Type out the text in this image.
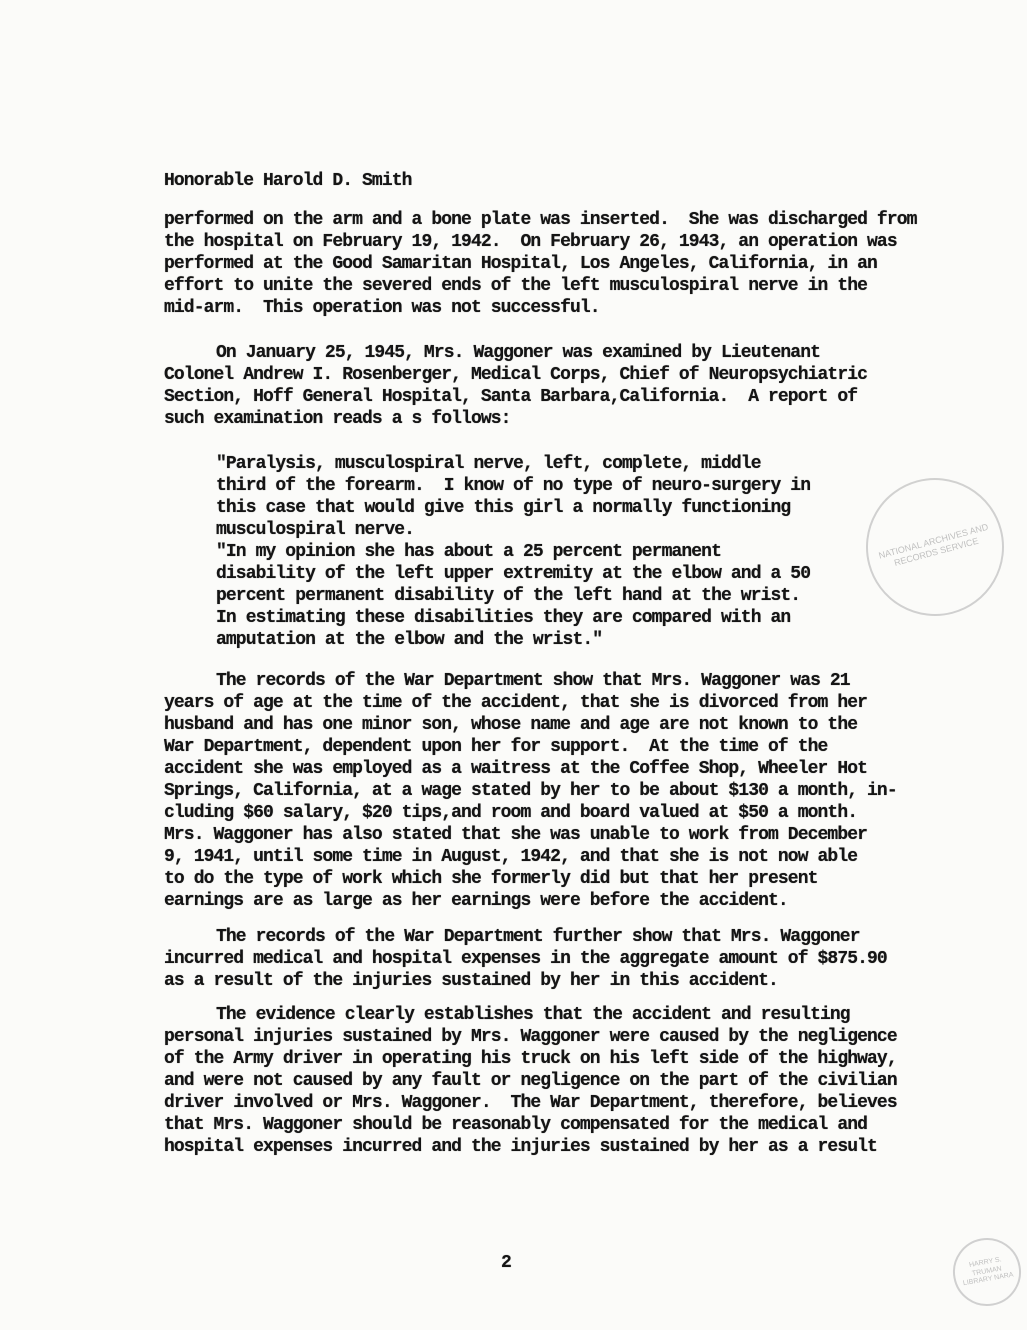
Honorable Harold D. Smith
performed on the arm and a bone plate was inserted.  She was discharged from
the hospital on February 19, 1942.  On February 26, 1943, an operation was
performed at the Good Samaritan Hospital, Los Angeles, California, in an
effort to unite the severed ends of the left musculospiral nerve in the
mid-arm.  This operation was not successful.
On January 25, 1945, Mrs. Waggoner was examined by Lieutenant
Colonel Andrew I. Rosenberger, Medical Corps, Chief of Neuropsychiatric
Section, Hoff General Hospital, Santa Barbara,California.  A report of
such examination reads a s follows:
"Paralysis, musculospiral nerve, left, complete, middle
third of the forearm.  I know of no type of neuro-surgery in
this case that would give this girl a normally functioning
musculospiral nerve.
"In my opinion she has about a 25 percent permanent
disability of the left upper extremity at the elbow and a 50
percent permanent disability of the left hand at the wrist.
In estimating these disabilities they are compared with an
amputation at the elbow and the wrist."
The records of the War Department show that Mrs. Waggoner was 21
years of age at the time of the accident, that she is divorced from her
husband and has one minor son, whose name and age are not known to the
War Department, dependent upon her for support.  At the time of the
accident she was employed as a waitress at the Coffee Shop, Wheeler Hot
Springs, California, at a wage stated by her to be about $130 a month, in-
cluding $60 salary, $20 tips,and room and board valued at $50 a month.
Mrs. Waggoner has also stated that she was unable to work from December
9, 1941, until some time in August, 1942, and that she is not now able
to do the type of work which she formerly did but that her present
earnings are as large as her earnings were before the accident.
The records of the War Department further show that Mrs. Waggoner
incurred medical and hospital expenses in the aggregate amount of $875.90
as a result of the injuries sustained by her in this accident.
The evidence clearly establishes that the accident and resulting
personal injuries sustained by Mrs. Waggoner were caused by the negligence
of the Army driver in operating his truck on his left side of the highway,
and were not caused by any fault or negligence on the part of the civilian
driver involved or Mrs. Waggoner.  The War Department, therefore, believes
that Mrs. Waggoner should be reasonably compensated for the medical and
hospital expenses incurred and the injuries sustained by her as a result
2
NATIONAL ARCHIVES AND RECORDS SERVICE
HARRY S. TRUMAN LIBRARY NARA
